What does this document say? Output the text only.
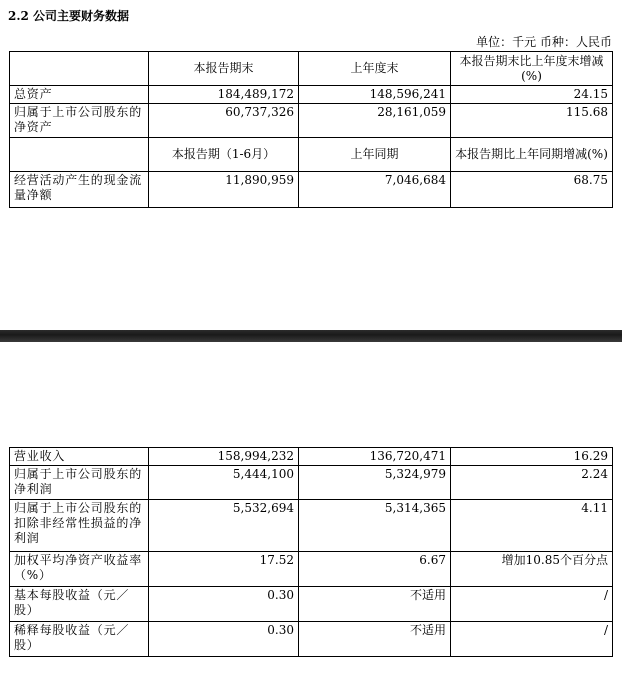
2.2 公司主要财务数据
单位：千元 币种：人民币
	本报告期末	上年度末	本报告期末比上年度末增减(%)
总资产	184,489,172	148,596,241	24.15
归属于上市公司股东的净资产	60,737,326	28,161,059	115.68
	本报告期（1-6月）	上年同期	本报告期比上年同期增减(%)
经营活动产生的现金流量净额	11,890,959	7,046,684	68.75
营业收入	158,994,232	136,720,471	16.29
归属于上市公司股东的净利润	5,444,100	5,324,979	2.24
归属于上市公司股东的扣除非经常性损益的净利润	5,532,694	5,314,365	4.11
加权平均净资产收益率（%）	17.52	6.67	增加10.85个百分点
基本每股收益（元／股）	0.30	不适用	/
稀释每股收益（元／股）	0.30	不适用	/
